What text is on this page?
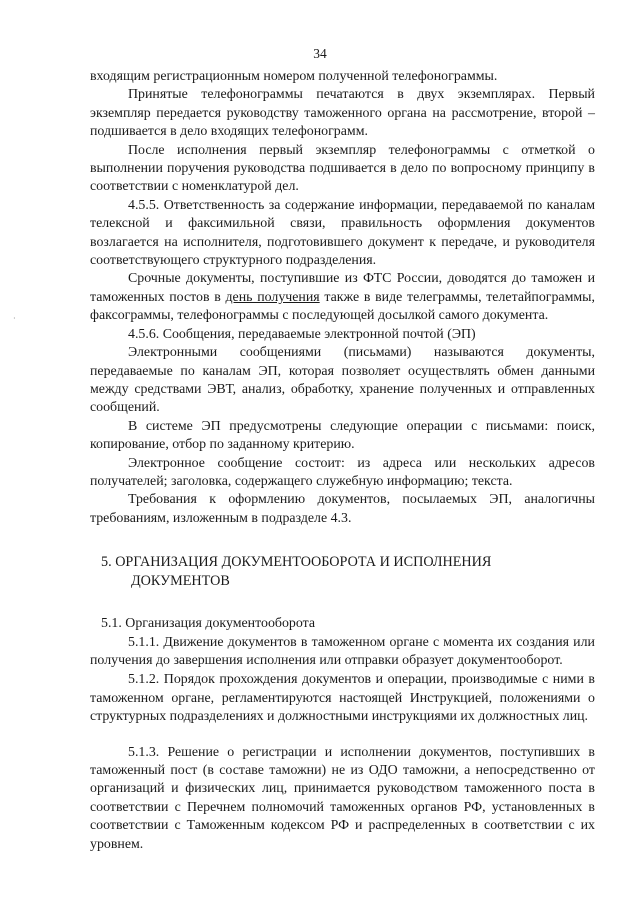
34
·

входящим регистрационным номером полученной телефонограммы.

Принятые телефонограммы печатаются в двух экземплярах. Первый экземпляр передается руководству таможенного органа на рассмотрение, второй – подшивается в дело входящих телефонограмм.

После исполнения первый экземпляр телефонограммы с отметкой о выполнении поручения руководства подшивается в дело по вопросному принципу в соответствии с номенклатурой дел.

4.5.5. Ответственность за содержание информации, передаваемой по каналам телексной и факсимильной связи, правильность оформления документов возлагается на исполнителя, подготовившего документ к передаче, и руководителя соответствующего структурного подразделения.

Срочные документы, поступившие из ФТС России, доводятся до таможен и таможенных постов в день получения также в виде телеграммы, телетайпограммы, факсограммы, телефонограммы с последующей досылкой самого документа.

4.5.6. Сообщения, передаваемые электронной почтой (ЭП)

Электронными сообщениями (письмами) называются документы, передаваемые по каналам ЭП, которая позволяет осуществлять обмен данными между средствами ЭВТ, анализ, обработку, хранение полученных и отправленных сообщений.

В системе ЭП предусмотрены следующие операции с письмами: поиск, копирование, отбор по заданному критерию.

Электронное сообщение состоит: из адреса или нескольких адресов получателей; заголовка, содержащего служебную информацию; текста.

Требования к оформлению документов, посылаемых ЭП, аналогичны требованиям, изложенным в подразделе 4.3.

5. ОРГАНИЗАЦИЯ ДОКУМЕНТООБОРОТА И ИСПОЛНЕНИЯ
ДОКУМЕНТОВ

5.1. Организация документооборота

5.1.1. Движение документов в таможенном органе с момента их создания или получения до завершения исполнения или отправки образует документооборот.

5.1.2. Порядок прохождения документов и операции, производимые с ними в таможенном органе, регламентируются настоящей Инструкцией, положениями о структурных подразделениях и должностными инструкциями их должностных лиц.

5.1.3. Решение о регистрации и исполнении документов, поступивших в таможенный пост (в составе таможни) не из ОДО таможни, а непосредственно от организаций и физических лиц, принимается руководством таможенного поста в соответствии с Перечнем полномочий таможенных органов РФ, установленных в соответствии с Таможенным кодексом РФ и распределенных в соответствии с их уровнем.
